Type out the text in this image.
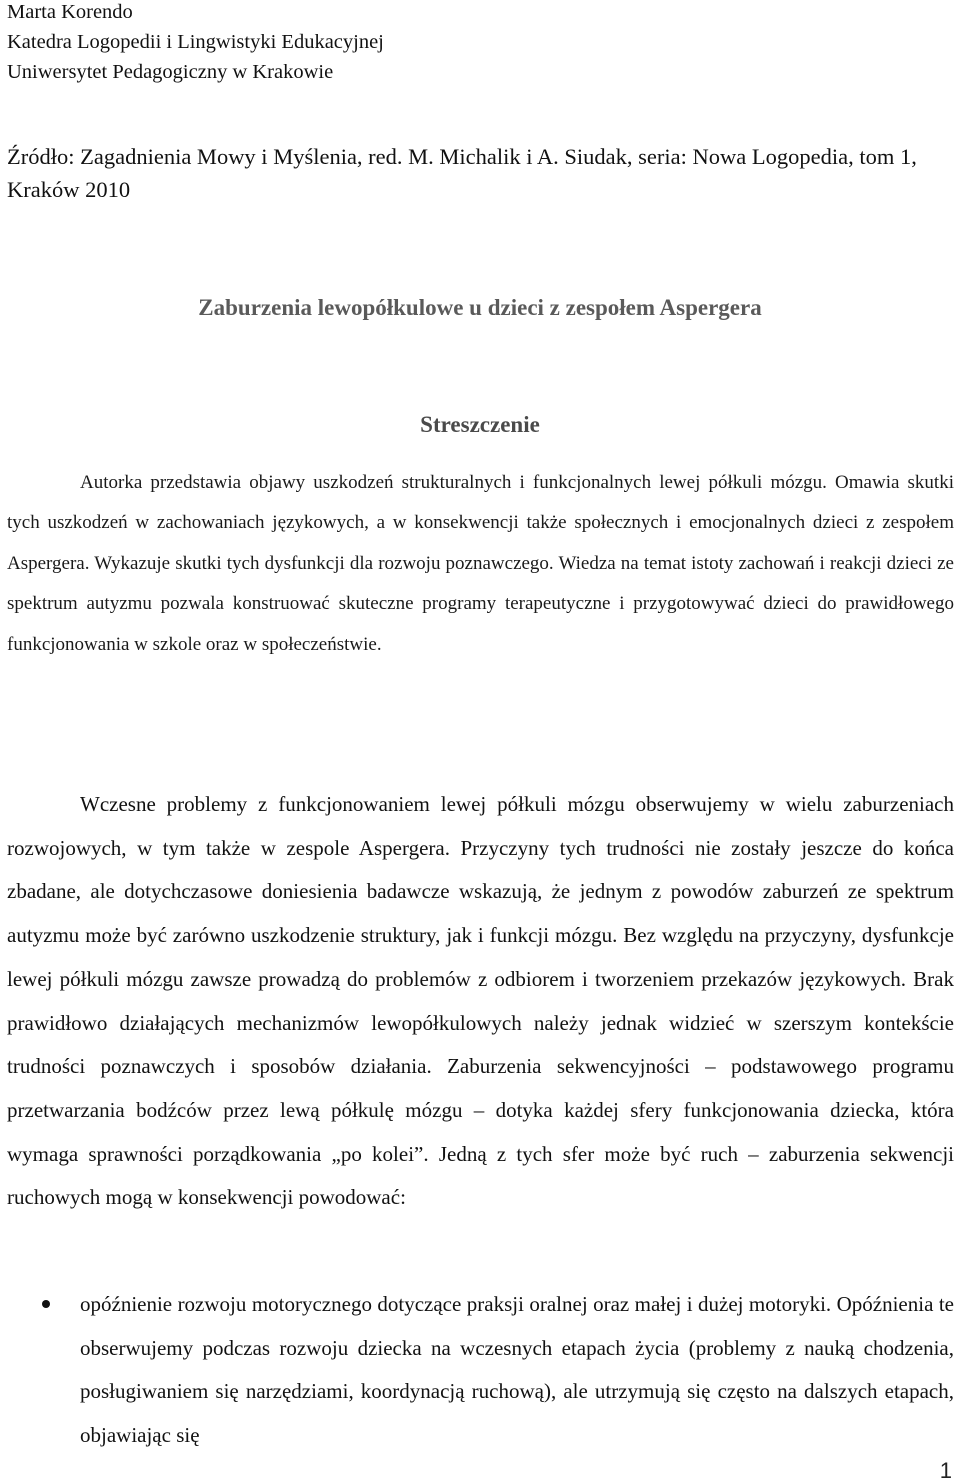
Marta Korendo
Katedra Logopedii i Lingwistyki Edukacyjnej
Uniwersytet Pedagogiczny w Krakowie
Źródło: Zagadnienia Mowy i Myślenia, red. M. Michalik i A. Siudak, seria: Nowa Logopedia, tom 1, Kraków 2010
Zaburzenia lewopółkulowe u dzieci z zespołem Aspergera
Streszczenie
Autorka przedstawia objawy uszkodzeń strukturalnych i funkcjonalnych lewej półkuli mózgu. Omawia skutki tych uszkodzeń w zachowaniach językowych, a w konsekwencji także społecznych i emocjonalnych dzieci z zespołem Aspergera. Wykazuje skutki tych dysfunkcji dla rozwoju poznawczego. Wiedza na temat istoty zachowań i reakcji dzieci ze spektrum autyzmu pozwala konstruować skuteczne programy terapeutyczne i przygotowywać dzieci do prawidłowego funkcjonowania w szkole oraz w społeczeństwie.
Wczesne problemy z funkcjonowaniem lewej półkuli mózgu obserwujemy w wielu zaburzeniach rozwojowych, w tym także w zespole Aspergera. Przyczyny tych trudności nie zostały jeszcze do końca zbadane, ale dotychczasowe doniesienia badawcze wskazują, że jednym z powodów zaburzeń ze spektrum autyzmu może być zarówno uszkodzenie struktury, jak i funkcji mózgu. Bez względu na przyczyny, dysfunkcje lewej półkuli mózgu zawsze prowadzą do problemów z odbiorem i tworzeniem przekazów językowych. Brak prawidłowo działających mechanizmów lewopółkulowych należy jednak widzieć w szerszym kontekście trudności poznawczych i sposobów działania. Zaburzenia sekwencyjności – podstawowego programu przetwarzania bodźców przez lewą półkulę mózgu – dotyka każdej sfery funkcjonowania dziecka, która wymaga sprawności porządkowania „po kolei”. Jedną z tych sfer może być ruch – zaburzenia sekwencji ruchowych mogą w konsekwencji powodować:
opóźnienie rozwoju motorycznego dotyczące praksji oralnej oraz małej i dużej motoryki. Opóźnienia te obserwujemy podczas rozwoju dziecka na wczesnych etapach życia (problemy z nauką chodzenia, posługiwaniem się narzędziami, koordynacją ruchową), ale utrzymują się często na dalszych etapach, objawiając się
1
